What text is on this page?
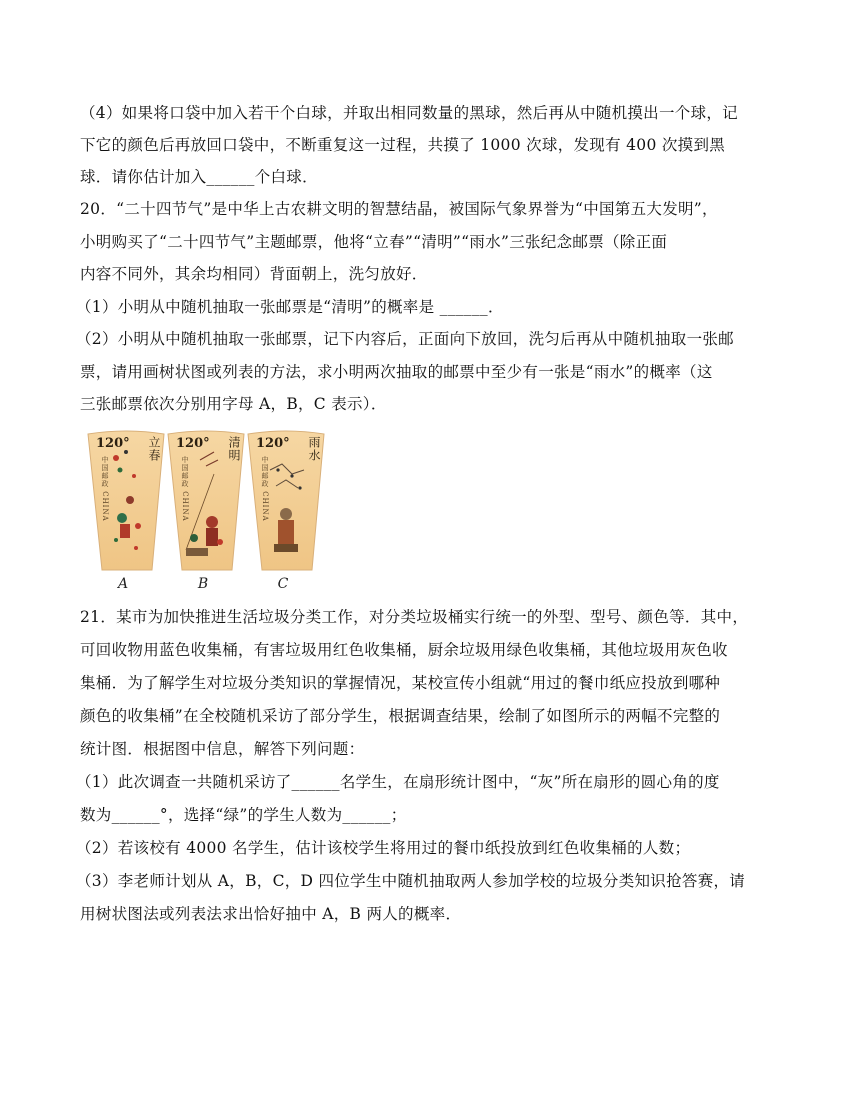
（4）如果将口袋中加入若干个白球，并取出相同数量的黑球，然后再从中随机摸出一个球，记
下它的颜色后再放回口袋中，不断重复这一过程，共摸了 1000 次球，发现有 400 次摸到黑
球．请你估计加入______个白球．
20．“二十四节气”是中华上古农耕文明的智慧结晶，被国际气象界誉为“中国第五大发明”，
小明购买了“二十四节气”主题邮票，他将“立春”“清明”“雨水”三张纪念邮票（除正面
内容不同外，其余均相同）背面朝上，洗匀放好．
（1）小明从中随机抽取一张邮票是“清明”的概率是 ______．
（2）小明从中随机抽取一张邮票，记下内容后，正面向下放回，洗匀后再从中随机抽取一张邮
票，请用画树状图或列表的方法，求小明两次抽取的邮票中至少有一张是“雨水”的概率（这
三张邮票依次分别用字母 A，B，C 表示）．
120° 立春
中国邮政 CHINA
120° 清明
中国邮政 CHINA
120° 雨水
中国邮政 CHINA
A	B	C
21．某市为加快推进生活垃圾分类工作，对分类垃圾桶实行统一的外型、型号、颜色等．其中，
可回收物用蓝色收集桶，有害垃圾用红色收集桶，厨余垃圾用绿色收集桶，其他垃圾用灰色收
集桶．为了解学生对垃圾分类知识的掌握情况，某校宣传小组就“用过的餐巾纸应投放到哪种
颜色的收集桶”在全校随机采访了部分学生，根据调查结果，绘制了如图所示的两幅不完整的
统计图．根据图中信息，解答下列问题：
（1）此次调查一共随机采访了______名学生，在扇形统计图中，“灰”所在扇形的圆心角的度
数为______°，选择“绿”的学生人数为______；
（2）若该校有 4000 名学生，估计该校学生将用过的餐巾纸投放到红色收集桶的人数；
（3）李老师计划从 A，B，C，D 四位学生中随机抽取两人参加学校的垃圾分类知识抢答赛，请
用树状图法或列表法求出恰好抽中 A，B 两人的概率．
